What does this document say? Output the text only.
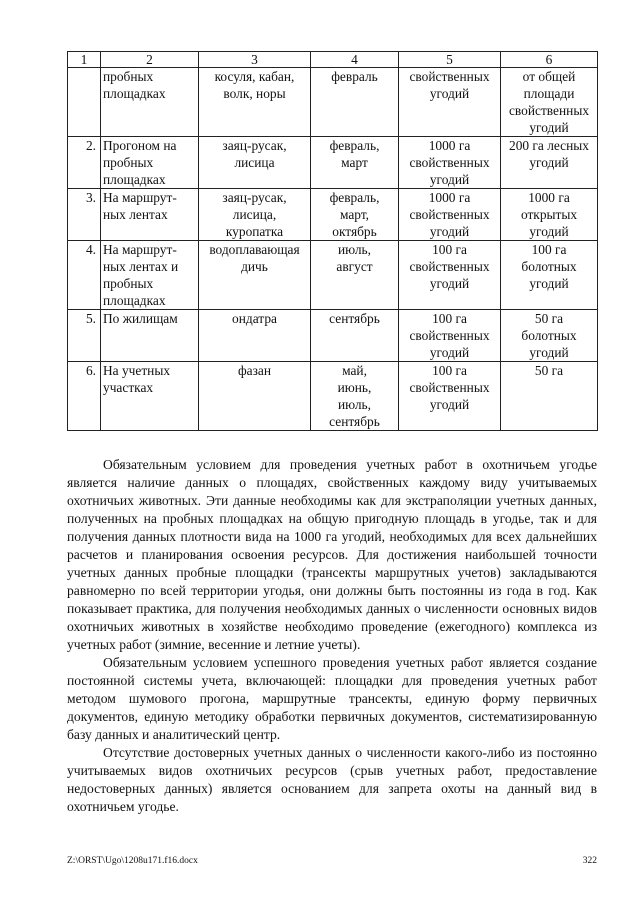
1	2	3	4	5	6

	пробных
площадках	косуля, кабан,
волк, норы	февраль	свойственных
угодий	от общей
площади
свойственных
угодий

2.	Прогоном на
пробных
площадках	заяц-русак,
лисица	февраль,
март	1000 га
свойственных
угодий	200 га лесных
угодий

3.	На маршрут-
ных лентах	заяц-русак,
лисица,
куропатка	февраль,
март,
октябрь	1000 га
свойственных
угодий	1000 га
открытых
угодий

4.	На маршрут-
ных лентах и
пробных
площадках	водоплавающая
дичь	июль,
август	100 га
свойственных
угодий	100 га
болотных
угодий

5.	По жилищам	ондатра	сентябрь	100 га
свойственных
угодий	50 га
болотных
угодий

6.	На учетных
участках	фазан	май,
июнь,
июль,
сентябрь	100 га
свойственных
угодий	50 га

Обязательным условием для проведения учетных работ в охотничьем угодье является наличие данных о площадях, свойственных каждому виду учитываемых охотничьих животных. Эти данные необходимы как для экстраполяции учетных данных, полученных на пробных площадках на общую пригодную площадь в угодье, так и для получения данных плотности вида на 1000 га угодий, необходимых для всех дальнейших расчетов и планирования освоения ресурсов. Для достижения наибольшей точности учетных данных пробные площадки (трансекты маршрутных учетов) закладываются равномерно по всей территории угодья, они должны быть постоянны из года в год. Как показывает практика, для получения необходимых данных о численности основных видов охотничьих животных в хозяйстве необходимо проведение (ежегодного) комплекса из учетных работ (зимние, весенние и летние учеты).

Обязательным условием успешного проведения учетных работ является создание постоянной системы учета, включающей: площадки для проведения учетных работ методом шумового прогона, маршрутные трансекты, единую форму первичных документов, единую методику обработки первичных документов, систематизированную базу данных и аналитический центр.

Отсутствие достоверных учетных данных о численности какого-либо из постоянно учитываемых видов охотничьих ресурсов (срыв учетных работ, предоставление недостоверных данных) является основанием для запрета охоты на данный вид в охотничьем угодье.

Z:\ORST\Ugo\1208u171.f16.docx	322
